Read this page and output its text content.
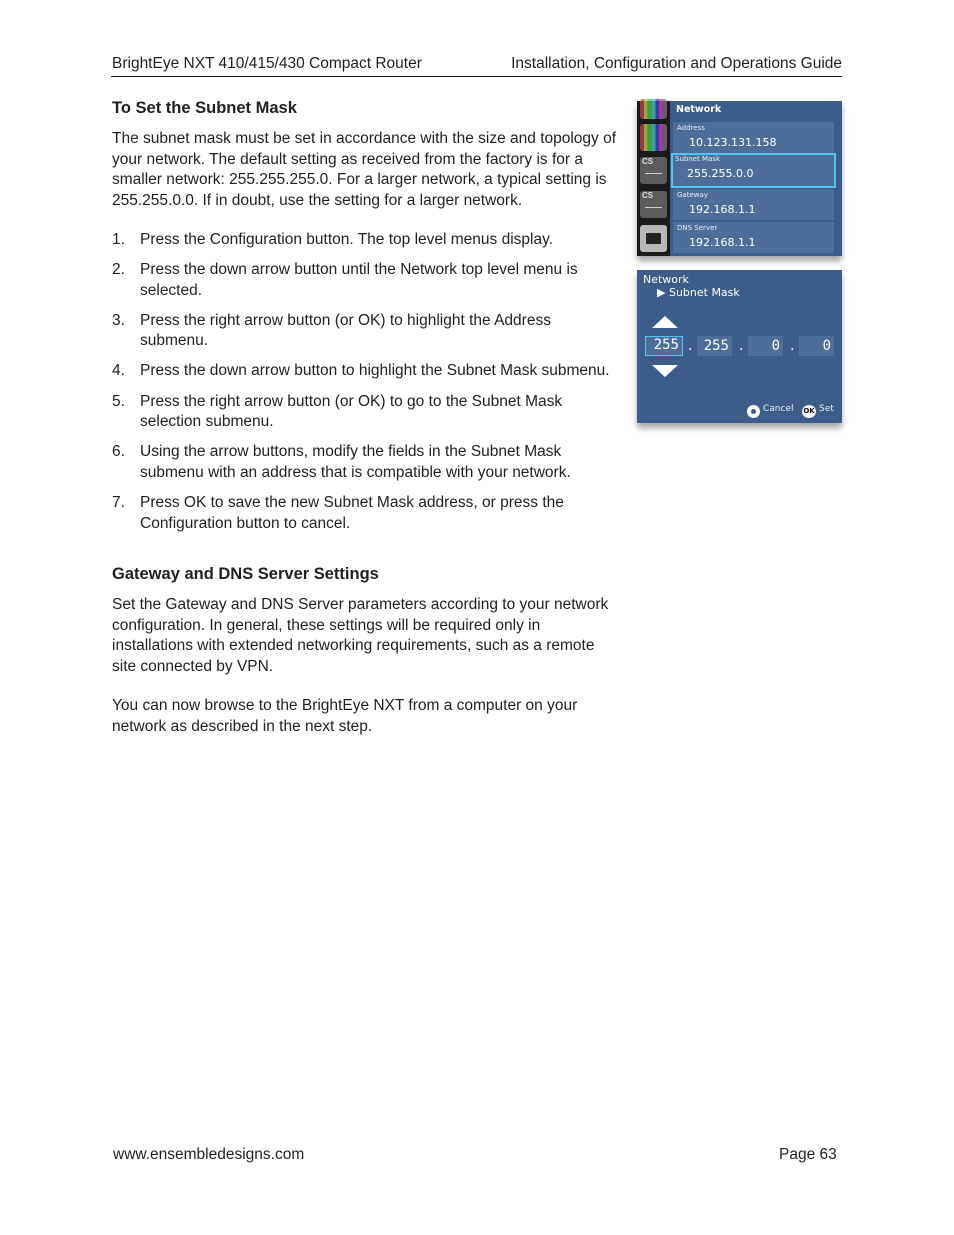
BrightEye NXT 410/415/430 Compact Router	Installation, Configuration and Operations Guide
To Set the Subnet Mask
The subnet mask must be set in accordance with the size and topology of your network. The default setting as received from the factory is for a smaller network: 255.255.255.0. For a larger network, a typical setting is 255.255.0.0. If in doubt, use the setting for a larger network.
1. Press the Configuration button. The top level menus display.
2. Press the down arrow button until the Network top level menu is selected.
3. Press the right arrow button (or OK) to highlight the Address submenu.
4. Press the down arrow button to highlight the Subnet Mask submenu.
5. Press the right arrow button (or OK) to go to the Subnet Mask selection submenu.
6. Using the arrow buttons, modify the fields in the Subnet Mask submenu with an address that is compatible with your network.
7. Press OK to save the new Subnet Mask address, or press the Configuration button to cancel.
Gateway and DNS Server Settings
Set the Gateway and DNS Server parameters according to your network configuration. In general, these settings will be required only in installations with extended networking requirements, such as a remote site connected by VPN.
You can now browse to the BrightEye NXT from a computer on your network as described in the next step.
CS
CS
Network
Address
10.123.131.158
Subnet Mask
255.255.0.0
Gateway
192.168.1.1
DNS Server
192.168.1.1
Network
▶ Subnet Mask
255 . 255 .	0 .	0
Cancel OK Set
www.ensembledesigns.com	Page 63
